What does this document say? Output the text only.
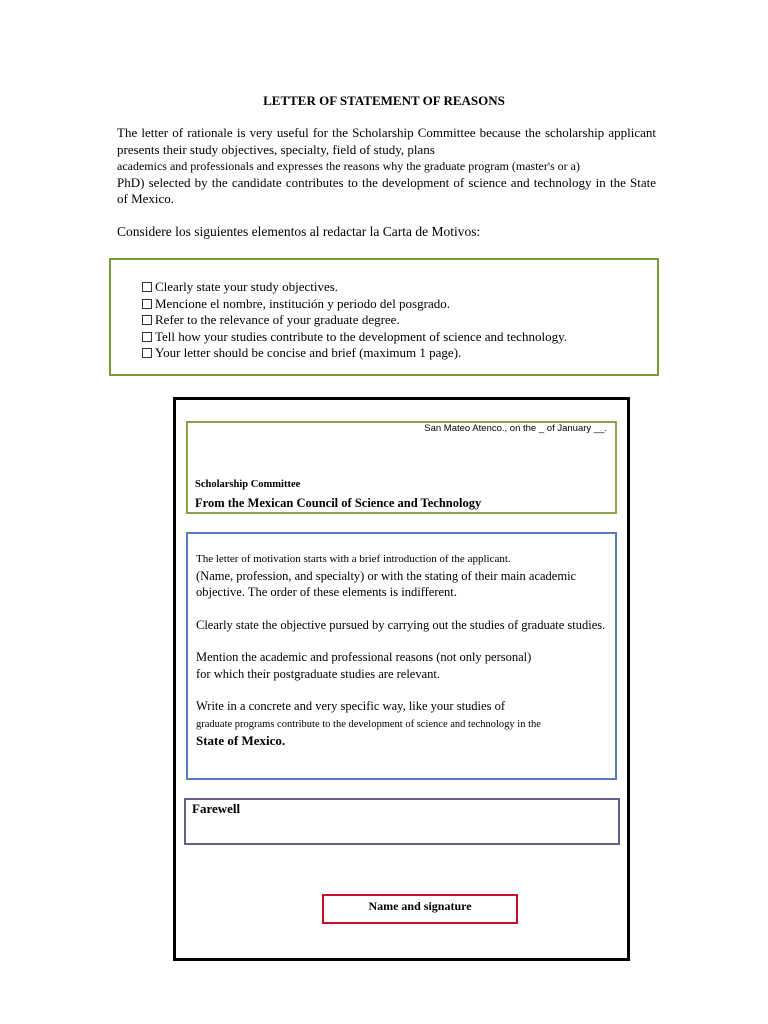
LETTER OF STATEMENT OF REASONS

The letter of rationale is very useful for the Scholarship Committee because the scholarship applicant presents their study objectives, specialty, field of study, plans

academics and professionals and expresses the reasons why the graduate program (master's or a)

PhD) selected by the candidate contributes to the development of science and technology in the State of Mexico.

Considere los siguientes elementos al redactar la Carta de Motivos:
Clearly state your study objectives.
Mencione el nombre, institución y periodo del posgrado.
Refer to the relevance of your graduate degree.
Tell how your studies contribute to the development of science and technology.
Your letter should be concise and brief (maximum 1 page).
San Mateo Atenco., on the _ of January __.
Scholarship Committee
From the Mexican Council of Science and Technology

The letter of motivation starts with a brief introduction of the applicant.
(Name, profession, and specialty) or with the stating of their main academic objective. The order of these elements is indifferent.

Clearly state the objective pursued by carrying out the studies of graduate studies.

Mention the academic and professional reasons (not only personal)
for which their postgraduate studies are relevant.

Write in a concrete and very specific way, like your studies of
graduate programs contribute to the development of science and technology in the
State of Mexico.

Farewell
Name and signature
